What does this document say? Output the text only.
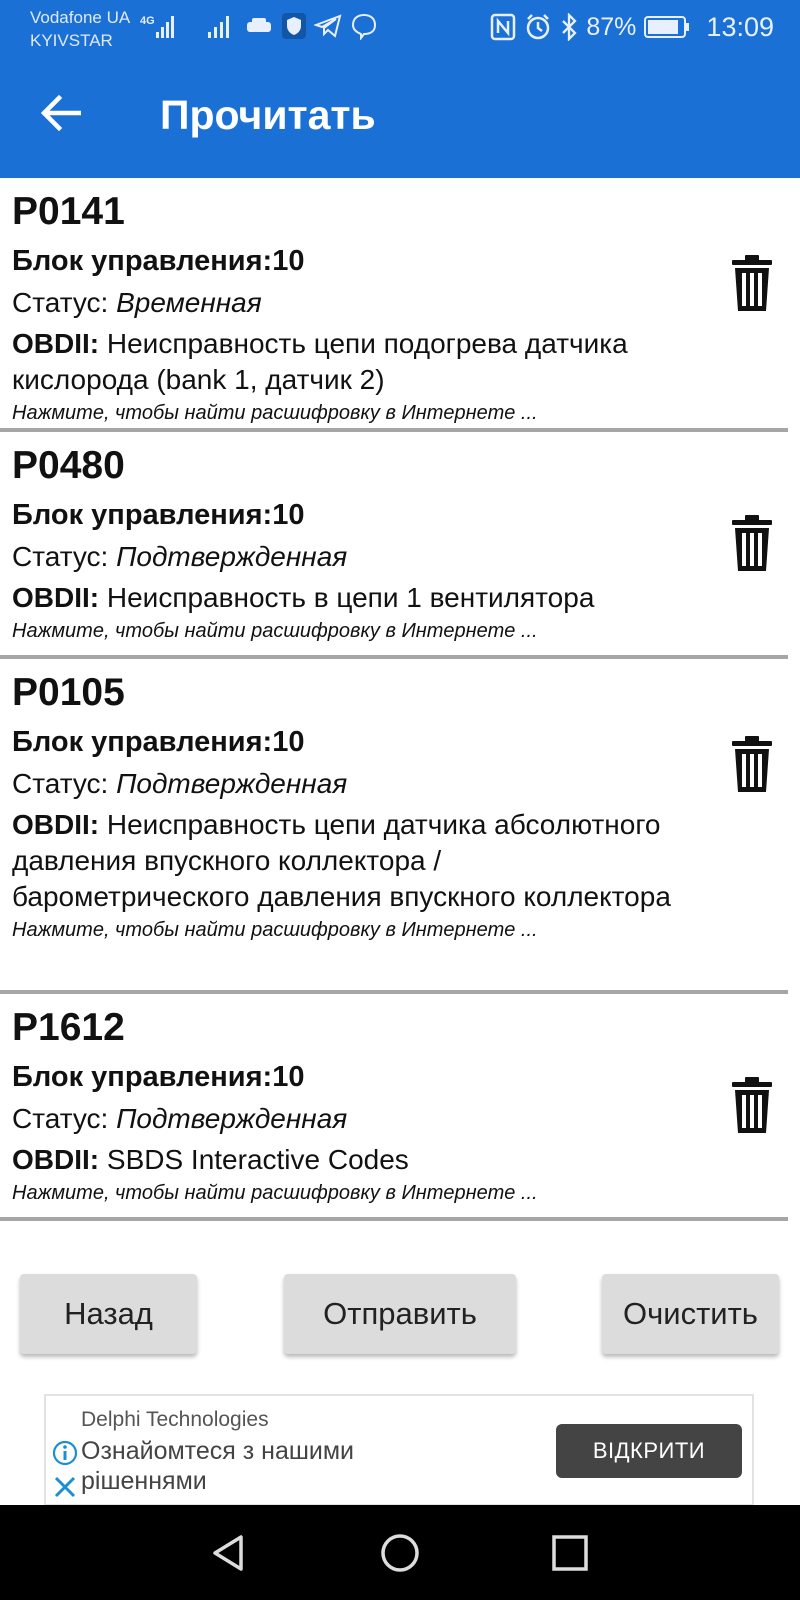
Vodafone UA
KYIVSTAR
4G	87%	13:09
Прочитать
P0141
Блок управления:10
Статус: Временная
OBDII: Неисправность цепи подогрева датчика кислорода (bank 1, датчик 2)
Нажмите, чтобы найти расшифровку в Интернете ...
P0480
Блок управления:10
Статус: Подтвержденная
OBDII: Неисправность в цепи 1 вентилятора
Нажмите, чтобы найти расшифровку в Интернете ...
P0105
Блок управления:10
Статус: Подтвержденная
OBDII: Неисправность цепи датчика абсолютного давления впускного коллектора / барометрического давления впускного коллектора
Нажмите, чтобы найти расшифровку в Интернете ...
P1612
Блок управления:10
Статус: Подтвержденная
OBDII: SBDS Interactive Codes
Нажмите, чтобы найти расшифровку в Интернете ...
Назад	Отправить	Очистить
Delphi Technologies
Ознайомтеся з нашими рішеннями
ВІДКРИТИ
